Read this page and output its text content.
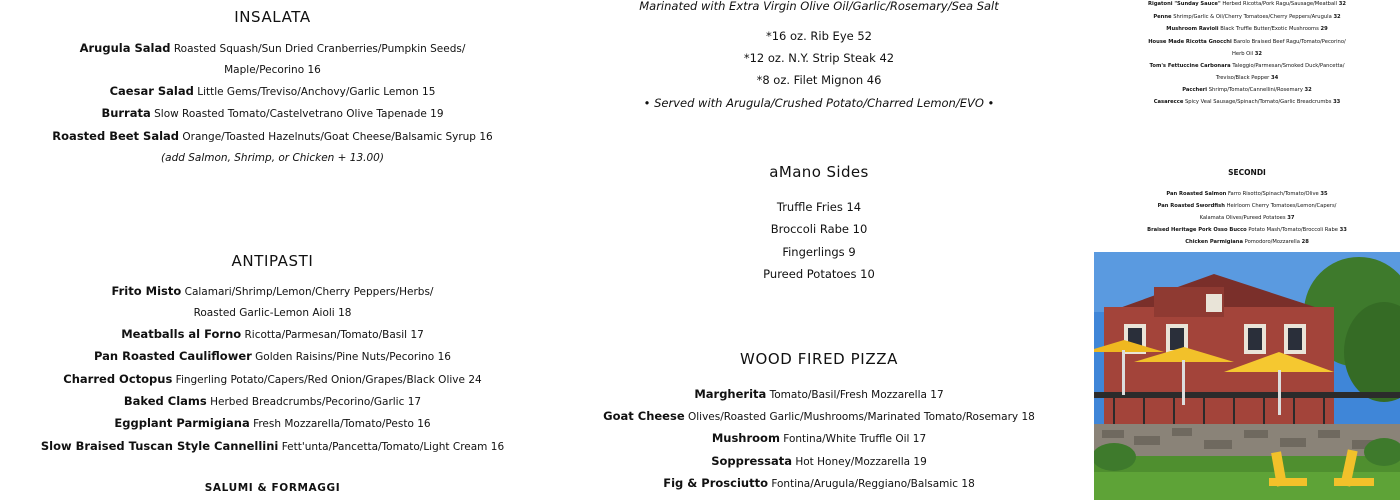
INSALATA
Arugula Salad Roasted Squash/Sun Dried Cranberries/Pumpkin Seeds/
Maple/Pecorino 16
Caesar Salad Little Gems/Treviso/Anchovy/Garlic Lemon 15
Burrata Slow Roasted Tomato/Castelvetrano Olive Tapenade 19
Roasted Beet Salad Orange/Toasted Hazelnuts/Goat Cheese/Balsamic Syrup 16
(add Salmon, Shrimp, or Chicken + 13.00)
ANTIPASTI
Frito Misto Calamari/Shrimp/Lemon/Cherry Peppers/Herbs/
Roasted Garlic-Lemon Aioli 18
Meatballs al Forno Ricotta/Parmesan/Tomato/Basil 17
Pan Roasted Cauliflower Golden Raisins/Pine Nuts/Pecorino 16
Charred Octopus Fingerling Potato/Capers/Red Onion/Grapes/Black Olive 24
Baked Clams Herbed Breadcrumbs/Pecorino/Garlic 17
Eggplant Parmigiana Fresh Mozzarella/Tomato/Pesto 16
Slow Braised Tuscan Style Cannellini Fett'unta/Pancetta/Tomato/Light Cream 16
SALUMI & FORMAGGI
Marinated with Extra Virgin Olive Oil/Garlic/Rosemary/Sea Salt
*16 oz. Rib Eye 52
*12 oz. N.Y. Strip Steak 42
*8 oz. Filet Mignon 46
• Served with Arugula/Crushed Potato/Charred Lemon/EVO •
aMano Sides
Truffle Fries 14
Broccoli Rabe 10
Fingerlings 9
Pureed Potatoes 10
WOOD FIRED PIZZA
Margherita Tomato/Basil/Fresh Mozzarella 17
Goat Cheese Olives/Roasted Garlic/Mushrooms/Marinated Tomato/Rosemary 18
Mushroom Fontina/White Truffle Oil 17
Soppressata Hot Honey/Mozzarella 19
Fig & Prosciutto Fontina/Arugula/Reggiano/Balsamic 18
Rigatoni "Sunday Sauce" Herbed Ricotta/Pork Ragu/Sausage/Meatball 32
Penne Shrimp/Garlic & Oil/Cherry Tomatoes/Cherry Peppers/Arugula 32
Mushroom Ravioli Black Truffle Butter/Exotic Mushrooms 29
House Made Ricotta Gnocchi Barolo Braised Beef Ragu/Tomato/Pecorino/
Herb Oil 32
Tom's Fettuccine Carbonara Taleggio/Parmesan/Smoked Duck/Pancetta/
Treviso/Black Pepper 34
Paccheri Shrimp/Tomato/Cannellini/Rosemary 32
Casarecce Spicy Veal Sausage/Spinach/Tomato/Garlic Breadcrumbs 33
SECONDI
Pan Roasted Salmon Farro Risotto/Spinach/Tomato/Olive 35
Pan Roasted Swordfish Heirloom Cherry Tomatoes/Lemon/Capers/
Kalamata Olives/Pureed Potatoes 37
Braised Heritage Pork Osso Bucco Potato Mash/Tomato/Broccoli Rabe 33
Chicken Parmigiana Pomodoro/Mozzarella 28
